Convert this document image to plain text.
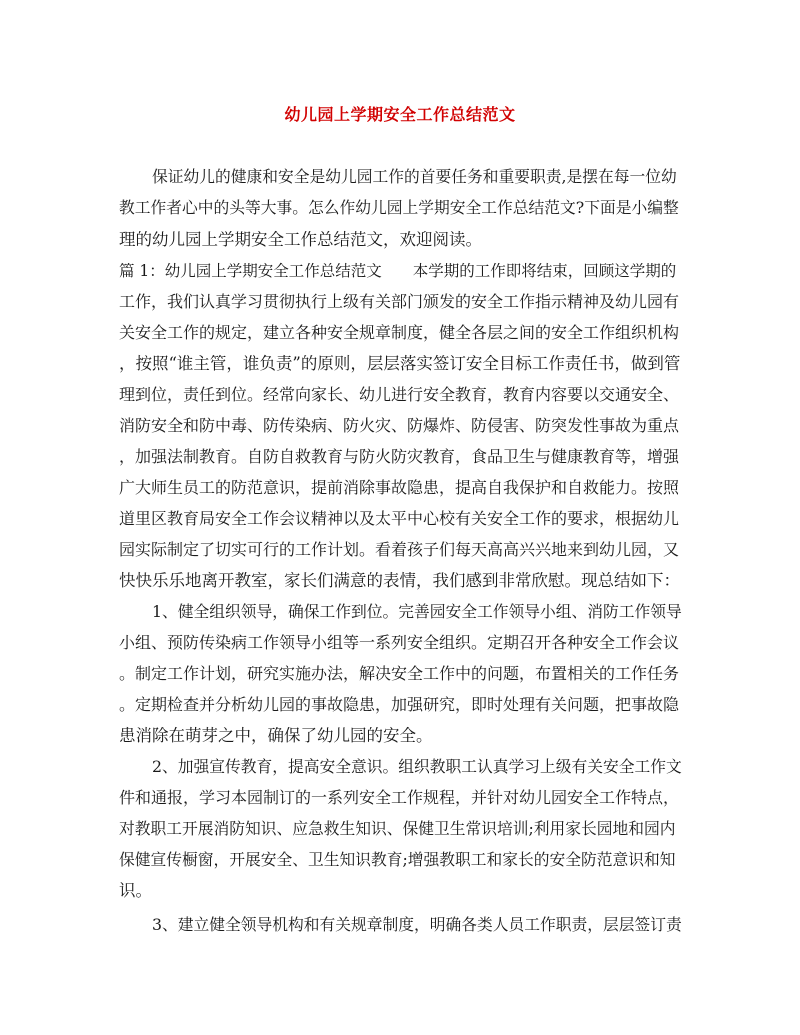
幼儿园上学期安全工作总结范文
保证幼儿的健康和安全是幼儿园工作的首要任务和重要职责,是摆在每一位幼
教工作者心中的头等大事。怎么作幼儿园上学期安全工作总结范文?下面是小编整
理的幼儿园上学期安全工作总结范文，欢迎阅读。
篇 1：幼儿园上学期安全工作总结范文　　本学期的工作即将结束，回顾这学期的
工作，我们认真学习贯彻执行上级有关部门颁发的安全工作指示精神及幼儿园有
关安全工作的规定，建立各种安全规章制度，健全各层之间的安全工作组织机构
，按照“谁主管，谁负责”的原则，层层落实签订安全目标工作责任书，做到管
理到位，责任到位。经常向家长、幼儿进行安全教育，教育内容要以交通安全、
消防安全和防中毒、防传染病、防火灾、防爆炸、防侵害、防突发性事故为重点
，加强法制教育。自防自救教育与防火防灾教育，食品卫生与健康教育等，增强
广大师生员工的防范意识，提前消除事故隐患，提高自我保护和自救能力。按照
道里区教育局安全工作会议精神以及太平中心校有关安全工作的要求，根据幼儿
园实际制定了切实可行的工作计划。看着孩子们每天高高兴兴地来到幼儿园，又
快快乐乐地离开教室，家长们满意的表情，我们感到非常欣慰。现总结如下：
1、健全组织领导，确保工作到位。完善园安全工作领导小组、消防工作领导
小组、预防传染病工作领导小组等一系列安全组织。定期召开各种安全工作会议
。制定工作计划，研究实施办法，解决安全工作中的问题，布置相关的工作任务
。定期检查并分析幼儿园的事故隐患，加强研究，即时处理有关问题，把事故隐
患消除在萌芽之中，确保了幼儿园的安全。
2、加强宣传教育，提高安全意识。组织教职工认真学习上级有关安全工作文
件和通报，学习本园制订的一系列安全工作规程，并针对幼儿园安全工作特点，
对教职工开展消防知识、应急救生知识、保健卫生常识培训;利用家长园地和园内
保健宣传橱窗，开展安全、卫生知识教育;增强教职工和家长的安全防范意识和知
识。
3、建立健全领导机构和有关规章制度，明确各类人员工作职责，层层签订责
